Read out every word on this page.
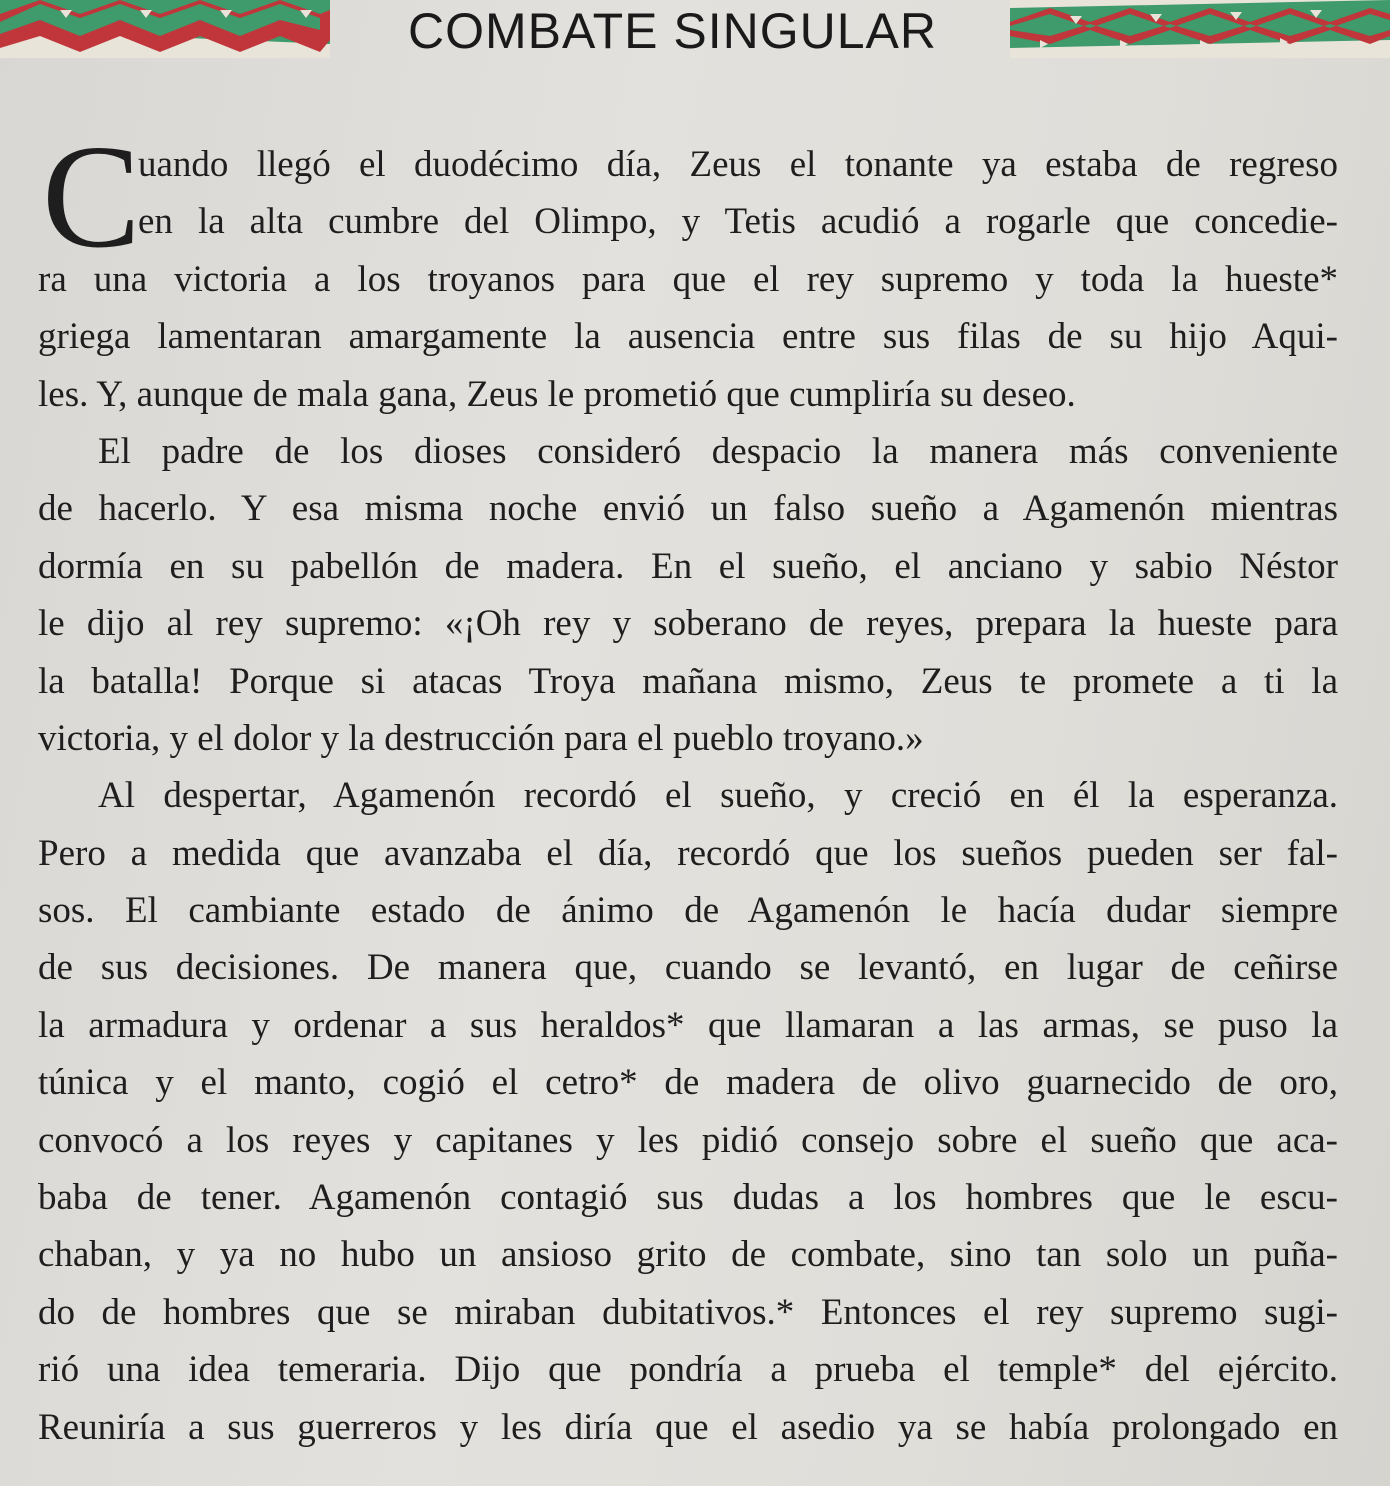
COMBATE SINGULAR
C
uando llegó el duodécimo día, Zeus el tonante ya estaba de regreso
en la alta cumbre del Olimpo, y Tetis acudió a rogarle que concedie-
ra una victoria a los troyanos para que el rey supremo y toda la hueste*
griega lamentaran amargamente la ausencia entre sus filas de su hijo Aqui-
les. Y, aunque de mala gana, Zeus le prometió que cumpliría su deseo.
El padre de los dioses consideró despacio la manera más conveniente
de hacerlo. Y esa misma noche envió un falso sueño a Agamenón mientras
dormía en su pabellón de madera. En el sueño, el anciano y sabio Néstor
le dijo al rey supremo: «¡Oh rey y soberano de reyes, prepara la hueste para
la batalla! Porque si atacas Troya mañana mismo, Zeus te promete a ti la
victoria, y el dolor y la destrucción para el pueblo troyano.»
Al despertar, Agamenón recordó el sueño, y creció en él la esperanza.
Pero a medida que avanzaba el día, recordó que los sueños pueden ser fal-
sos. El cambiante estado de ánimo de Agamenón le hacía dudar siempre
de sus decisiones. De manera que, cuando se levantó, en lugar de ceñirse
la armadura y ordenar a sus heraldos* que llamaran a las armas, se puso la
túnica y el manto, cogió el cetro* de madera de olivo guarnecido de oro,
convocó a los reyes y capitanes y les pidió consejo sobre el sueño que aca-
baba de tener. Agamenón contagió sus dudas a los hombres que le escu-
chaban, y ya no hubo un ansioso grito de combate, sino tan solo un puña-
do de hombres que se miraban dubitativos.* Entonces el rey supremo sugi-
rió una idea temeraria. Dijo que pondría a prueba el temple* del ejército.
Reuniría a sus guerreros y les diría que el asedio ya se había prolongado en
